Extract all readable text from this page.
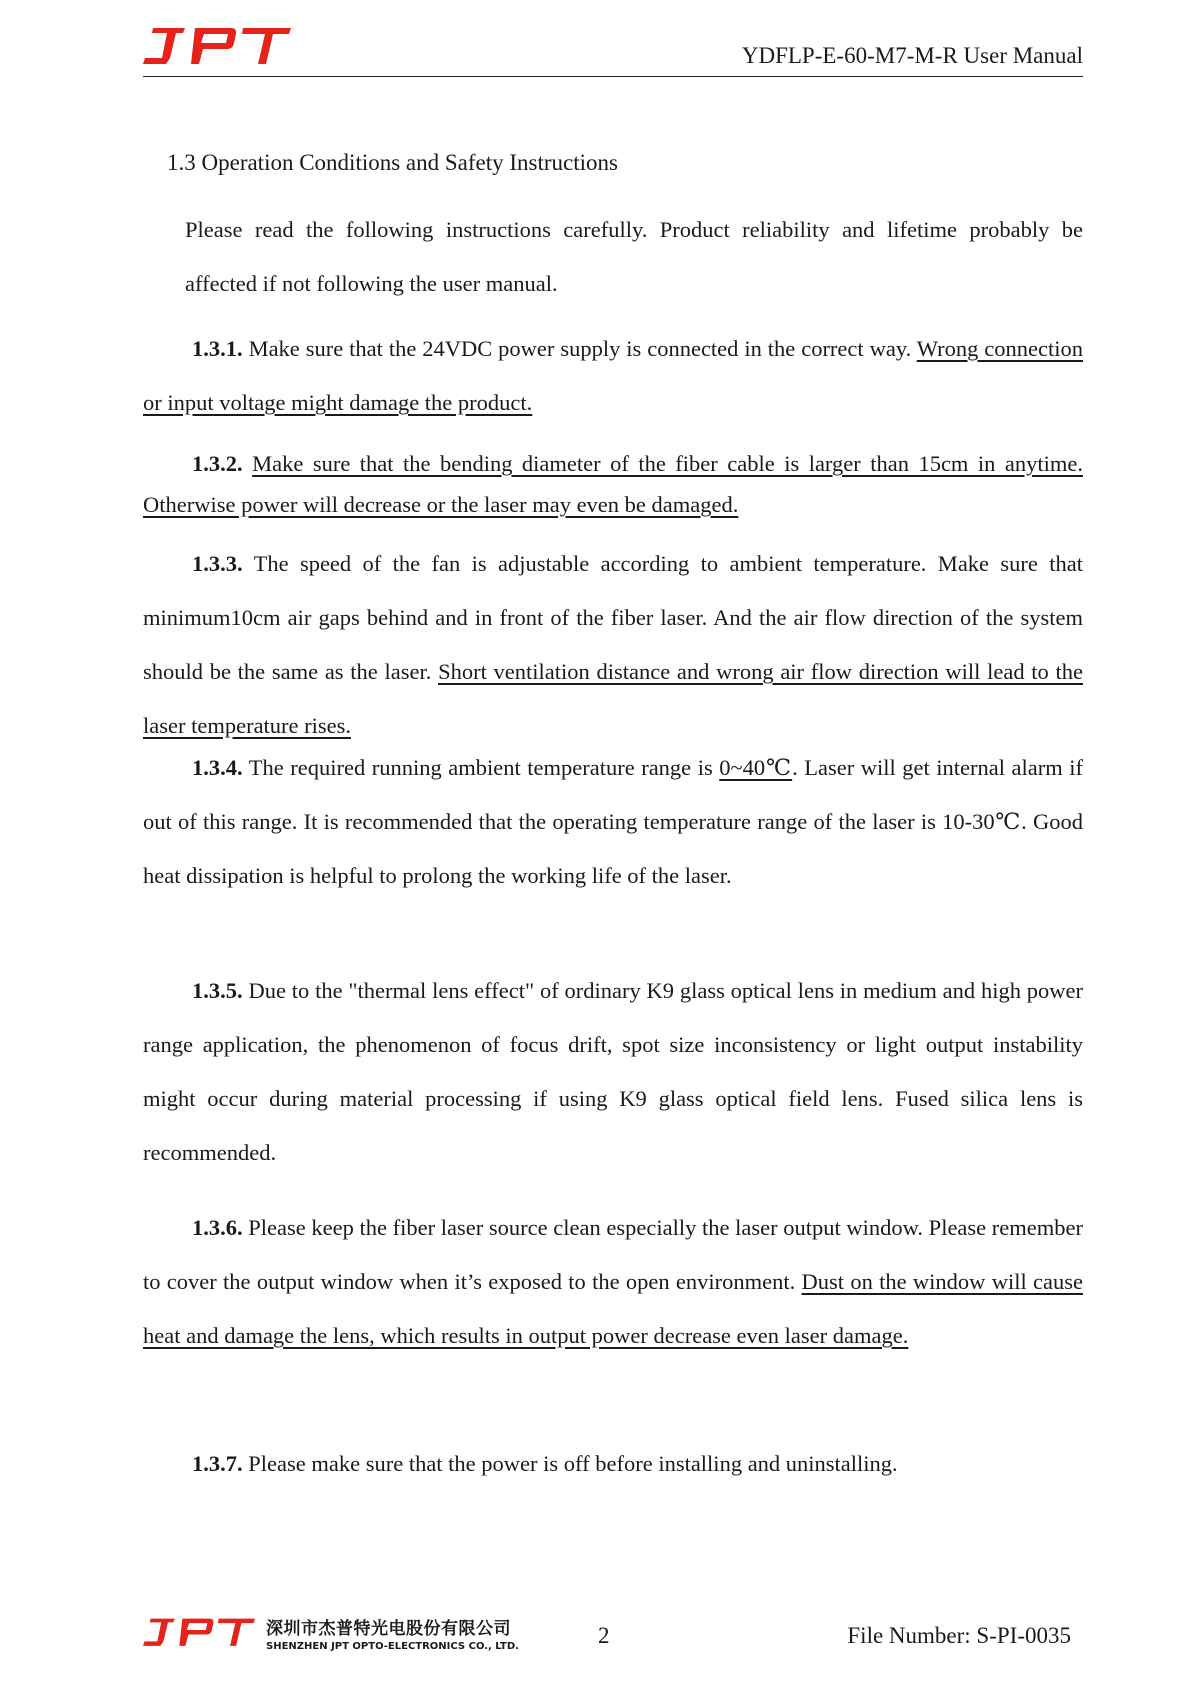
YDFLP-E-60-M7-M-R User Manual
1.3 Operation Conditions and Safety Instructions

Please read the following instructions carefully. Product reliability and lifetime probably be affected if not following the user manual.

1.3.1. Make sure that the 24VDC power supply is connected in the correct way. Wrong connection or input voltage might damage the product.

1.3.2. Make sure that the bending diameter of the fiber cable is larger than 15cm in anytime. Otherwise power will decrease or the laser may even be damaged.

1.3.3. The speed of the fan is adjustable according to ambient temperature. Make sure that minimum10cm air gaps behind and in front of the fiber laser. And the air flow direction of the system should be the same as the laser. Short ventilation distance and wrong air flow direction will lead to the laser temperature rises.

1.3.4. The required running ambient temperature range is 0~40℃. Laser will get internal alarm if out of this range. It is recommended that the operating temperature range of the laser is 10-30℃. Good heat dissipation is helpful to prolong the working life of the laser.

1.3.5. Due to the "thermal lens effect" of ordinary K9 glass optical lens in medium and high power range application, the phenomenon of focus drift, spot size inconsistency or light output instability might occur during material processing if using K9 glass optical field lens. Fused silica lens is recommended.

1.3.6. Please keep the fiber laser source clean especially the laser output window. Please remember to cover the output window when it’s exposed to the open environment. Dust on the window will cause heat and damage the lens, which results in output power decrease even laser damage.

1.3.7. Please make sure that the power is off before installing and uninstalling.

深圳市杰普特光电股份有限公司
SHENZHEN JPT OPTO-ELECTRONICS CO., LTD.	2	File Number: S-PI-0035
